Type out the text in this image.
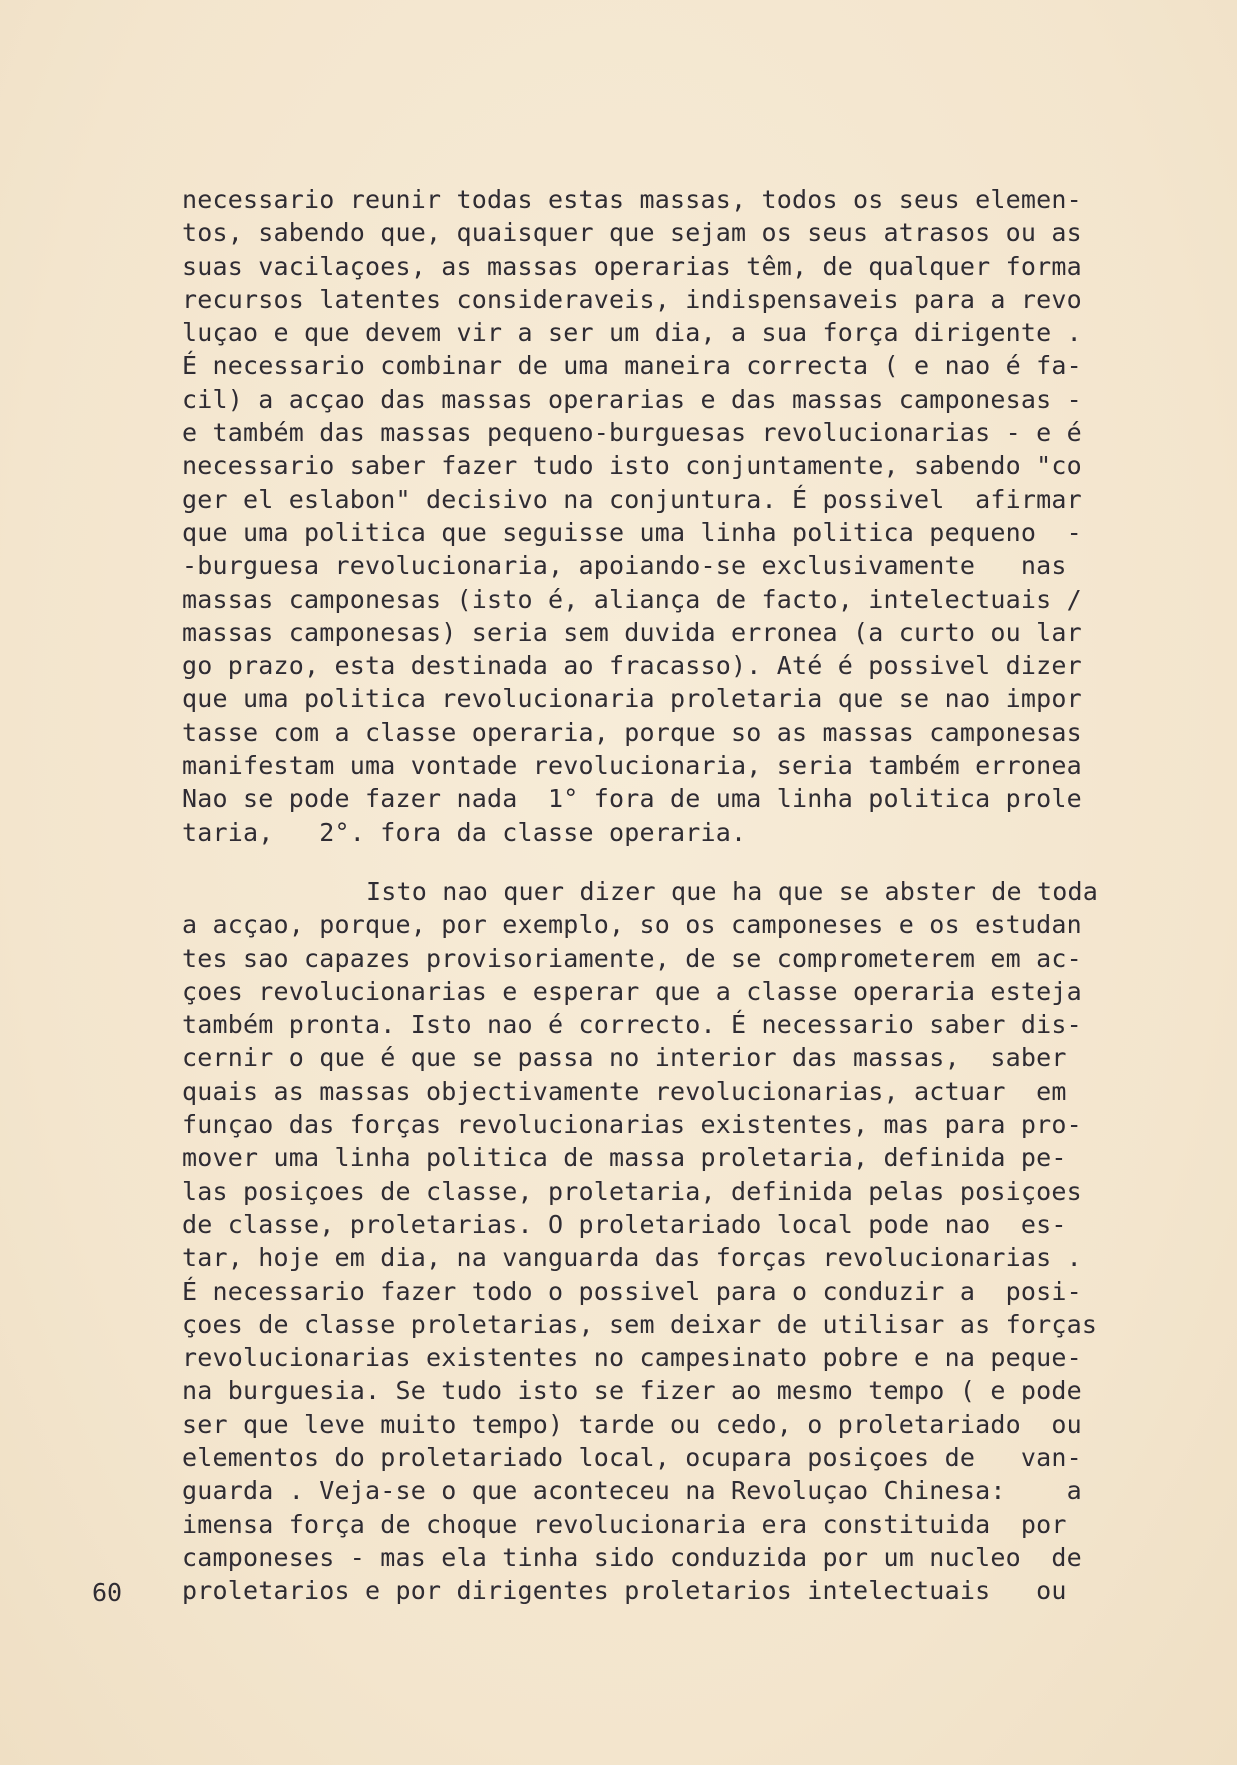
necessario reunir todas estas massas, todos os seus elemen-
tos, sabendo que, quaisquer que sejam os seus atrasos ou as
suas vacilaçoes, as massas operarias têm, de qualquer forma
recursos latentes consideraveis, indispensaveis para a revo
luçao e que devem vir a ser um dia, a sua força dirigente .
É necessario combinar de uma maneira correcta ( e nao é fa-
cil) a acçao das massas operarias e das massas camponesas -
e também das massas pequeno-burguesas revolucionarias - e é
necessario saber fazer tudo isto conjuntamente, sabendo "co
ger el eslabon" decisivo na conjuntura. É possivel  afirmar
que uma politica que seguisse uma linha politica pequeno  -
-burguesa revolucionaria, apoiando-se exclusivamente   nas
massas camponesas (isto é, aliança de facto, intelectuais /
massas camponesas) seria sem duvida erronea (a curto ou lar
go prazo, esta destinada ao fracasso). Até é possivel dizer
que uma politica revolucionaria proletaria que se nao impor
tasse com a classe operaria, porque so as massas camponesas
manifestam uma vontade revolucionaria, seria também erronea
Nao se pode fazer nada  1° fora de uma linha politica prole
taria,   2°. fora da classe operaria.
Isto nao quer dizer que ha que se abster de toda
a acçao, porque, por exemplo, so os camponeses e os estudan
tes sao capazes provisoriamente, de se comprometerem em ac-
çoes revolucionarias e esperar que a classe operaria esteja
também pronta. Isto nao é correcto. É necessario saber dis-
cernir o que é que se passa no interior das massas,  saber
quais as massas objectivamente revolucionarias, actuar  em
funçao das forças revolucionarias existentes, mas para pro-
mover uma linha politica de massa proletaria, definida pe-
las posiçoes de classe, proletaria, definida pelas posiçoes
de classe, proletarias. O proletariado local pode nao  es-
tar, hoje em dia, na vanguarda das forças revolucionarias .
É necessario fazer todo o possivel para o conduzir a  posi-
çoes de classe proletarias, sem deixar de utilisar as forças
revolucionarias existentes no campesinato pobre e na peque-
na burguesia. Se tudo isto se fizer ao mesmo tempo ( e pode
ser que leve muito tempo) tarde ou cedo, o proletariado  ou
elementos do proletariado local, ocupara posiçoes de   van-
guarda . Veja-se o que aconteceu na Revoluçao Chinesa:    a
imensa força de choque revolucionaria era constituida  por
camponeses - mas ela tinha sido conduzida por um nucleo  de
proletarios e por dirigentes proletarios intelectuais   ou
60
